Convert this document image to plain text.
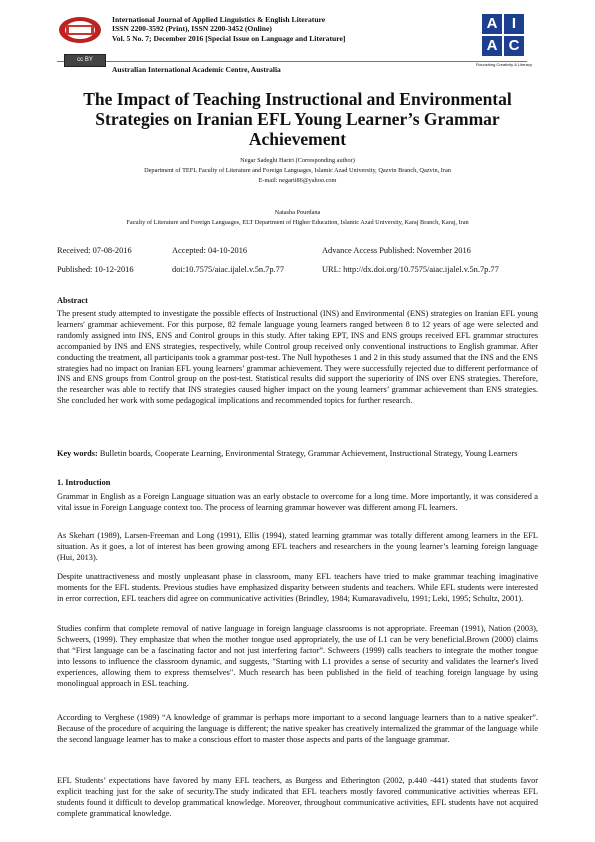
International Journal of Applied Linguistics & English Literature
ISSN 2200-3592 (Print), ISSN 2200-3452 (Online)
Vol. 5 No. 7; December 2016 [Special Issue on Language and Literature]
cc BY
Australian International Academic Centre, Australia
A I
A C
Flourishing Creativity & Literacy
The Impact of Teaching Instructional and Environmental Strategies on Iranian EFL Young Learner’s Grammar Achievement
Negar Sadeghi Hariri (Corresponding author)
Department of TEFL Faculty of Literature and Foreign Languages, Islamic Azad University, Qazvin Branch, Qazvin, Iran
E-mail: negarii86@yahoo.com
Natasha Pourdana
Faculty of Literature and Foreign Languages, ELT Department of Higher Education, Islamic Azad University, Karaj Branch, Karaj, Iran
Received: 07-08-2016	Accepted: 04-10-2016	Advance Access Published: November 2016
Published: 10-12-2016	doi:10.7575/aiac.ijalel.v.5n.7p.77	URL: http://dx.doi.org/10.7575/aiac.ijalel.v.5n.7p.77
Abstract
The present study attempted to investigate the possible effects of Instructional (INS) and Environmental (ENS) strategies on Iranian EFL young learners' grammar achievement. For this purpose, 82 female language young learners ranged between 8 to 12 years of age were selected and randomly assigned into INS, ENS and Control groups in this study. After taking EPT, INS and ENS groups received EFL grammar structures accompanied by INS and ENS strategies, respectively, while Control group received only conventional instructions to English grammar. After conducting the treatment, all participants took a grammar post-test. The Null hypotheses 1 and 2 in this study assumed that the INS and the ENS strategies had no impact on Iranian EFL young learners’ grammar achievement. They were successfully rejected due to different performance of INS and ENS groups from Control group on the post-test. Statistical results did support the superiority of INS over ENS strategies. Therefore, the researcher was able to rectify that INS strategies caused higher impact on the young learners’ grammar achievement than ENS strategies. She concluded her work with some pedagogical implications and recommended topics for further research.
Key words: Bulletin boards, Cooperate Learning, Environmental Strategy, Grammar Achievement, Instructional Strategy, Young Learners
1. Introduction
Grammar in English as a Foreign Language situation was an early obstacle to overcome for a long time. More importantly, it was considered a vital issue in Foreign Language context too. The process of learning grammar however was different among FL learners.
As Skehart (1989), Larsen-Freeman and Long (1991), Ellis (1994), stated learning grammar was totally different among learners in the EFL situation. As it goes, a lot of interest has been growing among EFL teachers and researchers in the young learner’s learning foreign language (Hui, 2013).
Despite unattractiveness and mostly unpleasant phase in classroom, many EFL teachers have tried to make grammar teaching imaginative moments for the EFL students. Previous studies have emphasized disparity between students and teachers. While EFL students were interested in error correction, EFL teachers did agree on communicative activities (Brindley, 1984; Kumaravadivelu, 1991; Leki, 1995; Schultz, 2001).
Studies confirm that complete removal of native language in foreign language classrooms is not appropriate. Freeman (1991), Nation (2003), Schweers, (1999). They emphasize that when the mother tongue used appropriately, the use of L1 can be very beneficial.Brown (2000) claims that “First language can be a fascinating factor and not just interfering factor”. Schweers (1999) calls teachers to integrate the mother tongue into lessons to influence the classroom dynamic, and suggests, "Starting with L1 provides a sense of security and validates the learner's lived experiences, allowing them to express themselves". Much research has been published in the field of teaching foreign language by using monolingual approach in ESL teaching.
According to Verghese (1989) “A knowledge of grammar is perhaps more important to a second language learners than to a native speaker”. Because of the procedure of acquiring the language is different; the native speaker has creatively internalized the grammar of the language while the second language learner has to make a conscious effort to master those aspects and parts of the language grammar.
EFL Students’ expectations have favored by many EFL teachers, as Burgess and Etherington (2002, p.440 -441) stated that students favor explicit teaching just for the sake of security.The study indicated that EFL teachers mostly favored communicative activities whereas EFL students found it difficult to develop grammatical knowledge. Moreover, throughout communicative activities, EFL students have not acquired complete grammatical knowledge.
